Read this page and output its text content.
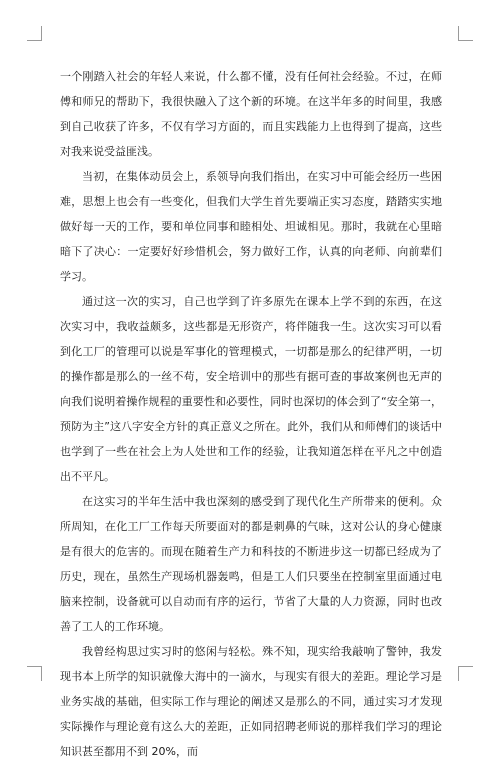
一个刚踏入社会的年轻人来说，什么都不懂，没有任何社会经验。不过，在师傅和师兄的帮助下，我很快融入了这个新的环境。在这半年多的时间里，我感到自己收获了许多，不仅有学习方面的，而且实践能力上也得到了提高，这些对我来说受益匪浅。

当初，在集体动员会上，系领导向我们指出，在实习中可能会经历一些困难，思想上也会有一些变化，但我们大学生首先要端正实习态度，踏踏实实地做好每一天的工作，要和单位同事和睦相处、坦诚相见。那时，我就在心里暗暗下了决心：一定要好好珍惜机会，努力做好工作，认真的向老师、向前辈们学习。

通过这一次的实习，自己也学到了许多原先在课本上学不到的东西，在这次实习中，我收益颇多，这些都是无形资产，将伴随我一生。这次实习可以看到化工厂的管理可以说是军事化的管理模式，一切都是那么的纪律严明，一切的操作都是那么的一丝不苟，安全培训中的那些有据可查的事故案例也无声的向我们说明着操作规程的重要性和必要性，同时也深切的体会到了“安全第一，预防为主”这八字安全方针的真正意义之所在。此外，我们从和师傅们的谈话中也学到了一些在社会上为人处世和工作的经验，让我知道怎样在平凡之中创造出不平凡。

在这实习的半年生活中我也深刻的感受到了现代化生产所带来的便利。众所周知，在化工厂工作每天所要面对的都是刺鼻的气味，这对公认的身心健康是有很大的危害的。而现在随着生产力和科技的不断进步这一切都已经成为了历史，现在，虽然生产现场机器轰鸣，但是工人们只要坐在控制室里面通过电脑来控制，设备就可以自动而有序的运行，节省了大量的人力资源，同时也改善了工人的工作环境。

我曾经构思过实习时的悠闲与轻松。殊不知，现实给我敲响了警钟，我发现书本上所学的知识就像大海中的一滴水，与现实有很大的差距。理论学习是业务实战的基础，但实际工作与理论的阐述又是那么的不同，通过实习才发现实际操作与理论竟有这么大的差距，正如同招聘老师说的那样我们学习的理论知识甚至都用不到 20%，而
